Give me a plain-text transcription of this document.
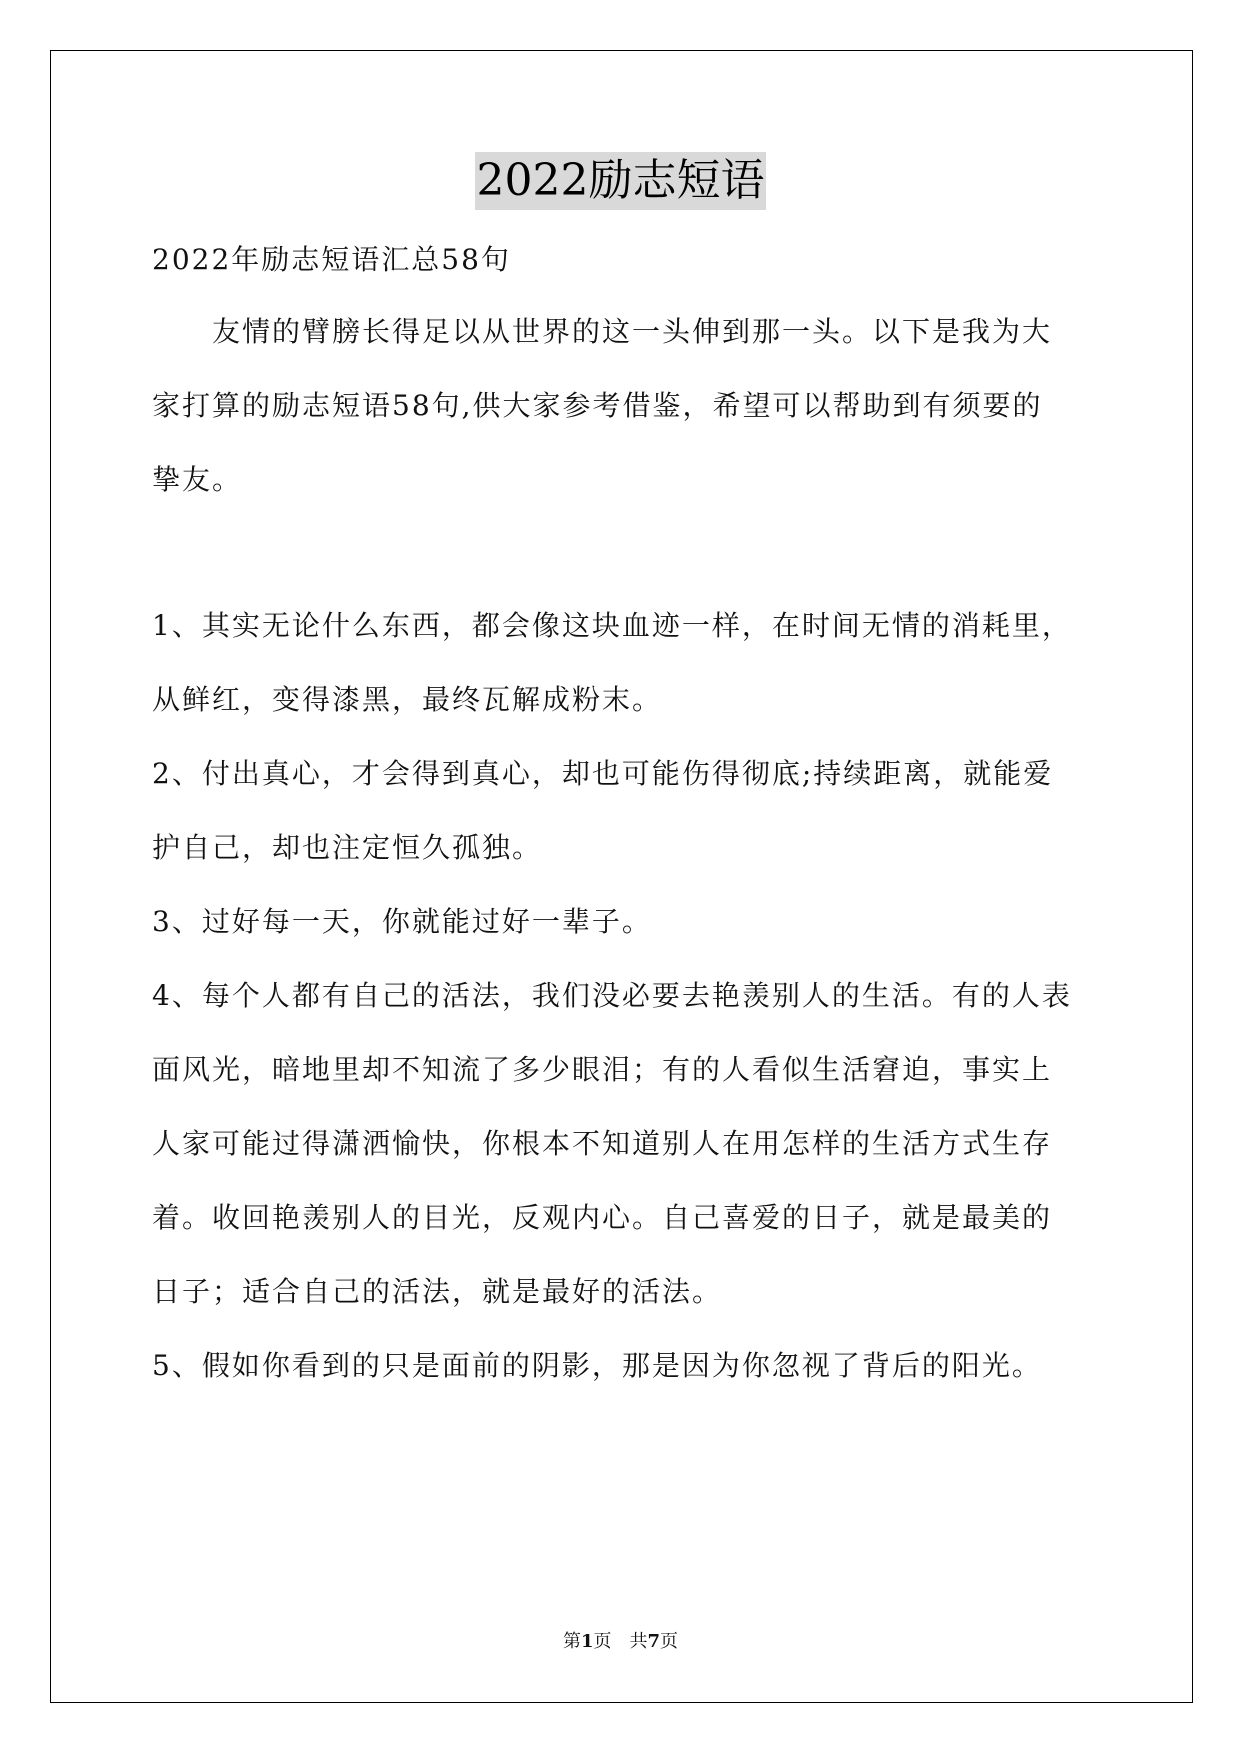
2022励志短语

2022年励志短语汇总58句

　　友情的臂膀长得足以从世界的这一头伸到那一头。以下是我为大

家打算的励志短语58句,供大家参考借鉴，希望可以帮助到有须要的

挚友。

1、其实无论什么东西，都会像这块血迹一样，在时间无情的消耗里，

从鲜红，变得漆黑，最终瓦解成粉末。

2、付出真心，才会得到真心，却也可能伤得彻底;持续距离，就能爱

护自己，却也注定恒久孤独。

3、过好每一天，你就能过好一辈子。

4、每个人都有自己的活法，我们没必要去艳羡别人的生活。有的人表

面风光，暗地里却不知流了多少眼泪；有的人看似生活窘迫，事实上

人家可能过得潇洒愉快，你根本不知道别人在用怎样的生活方式生存

着。收回艳羡别人的目光，反观内心。自己喜爱的日子，就是最美的

日子；适合自己的活法，就是最好的活法。

5、假如你看到的只是面前的阴影，那是因为你忽视了背后的阳光。

第1页　共7页
